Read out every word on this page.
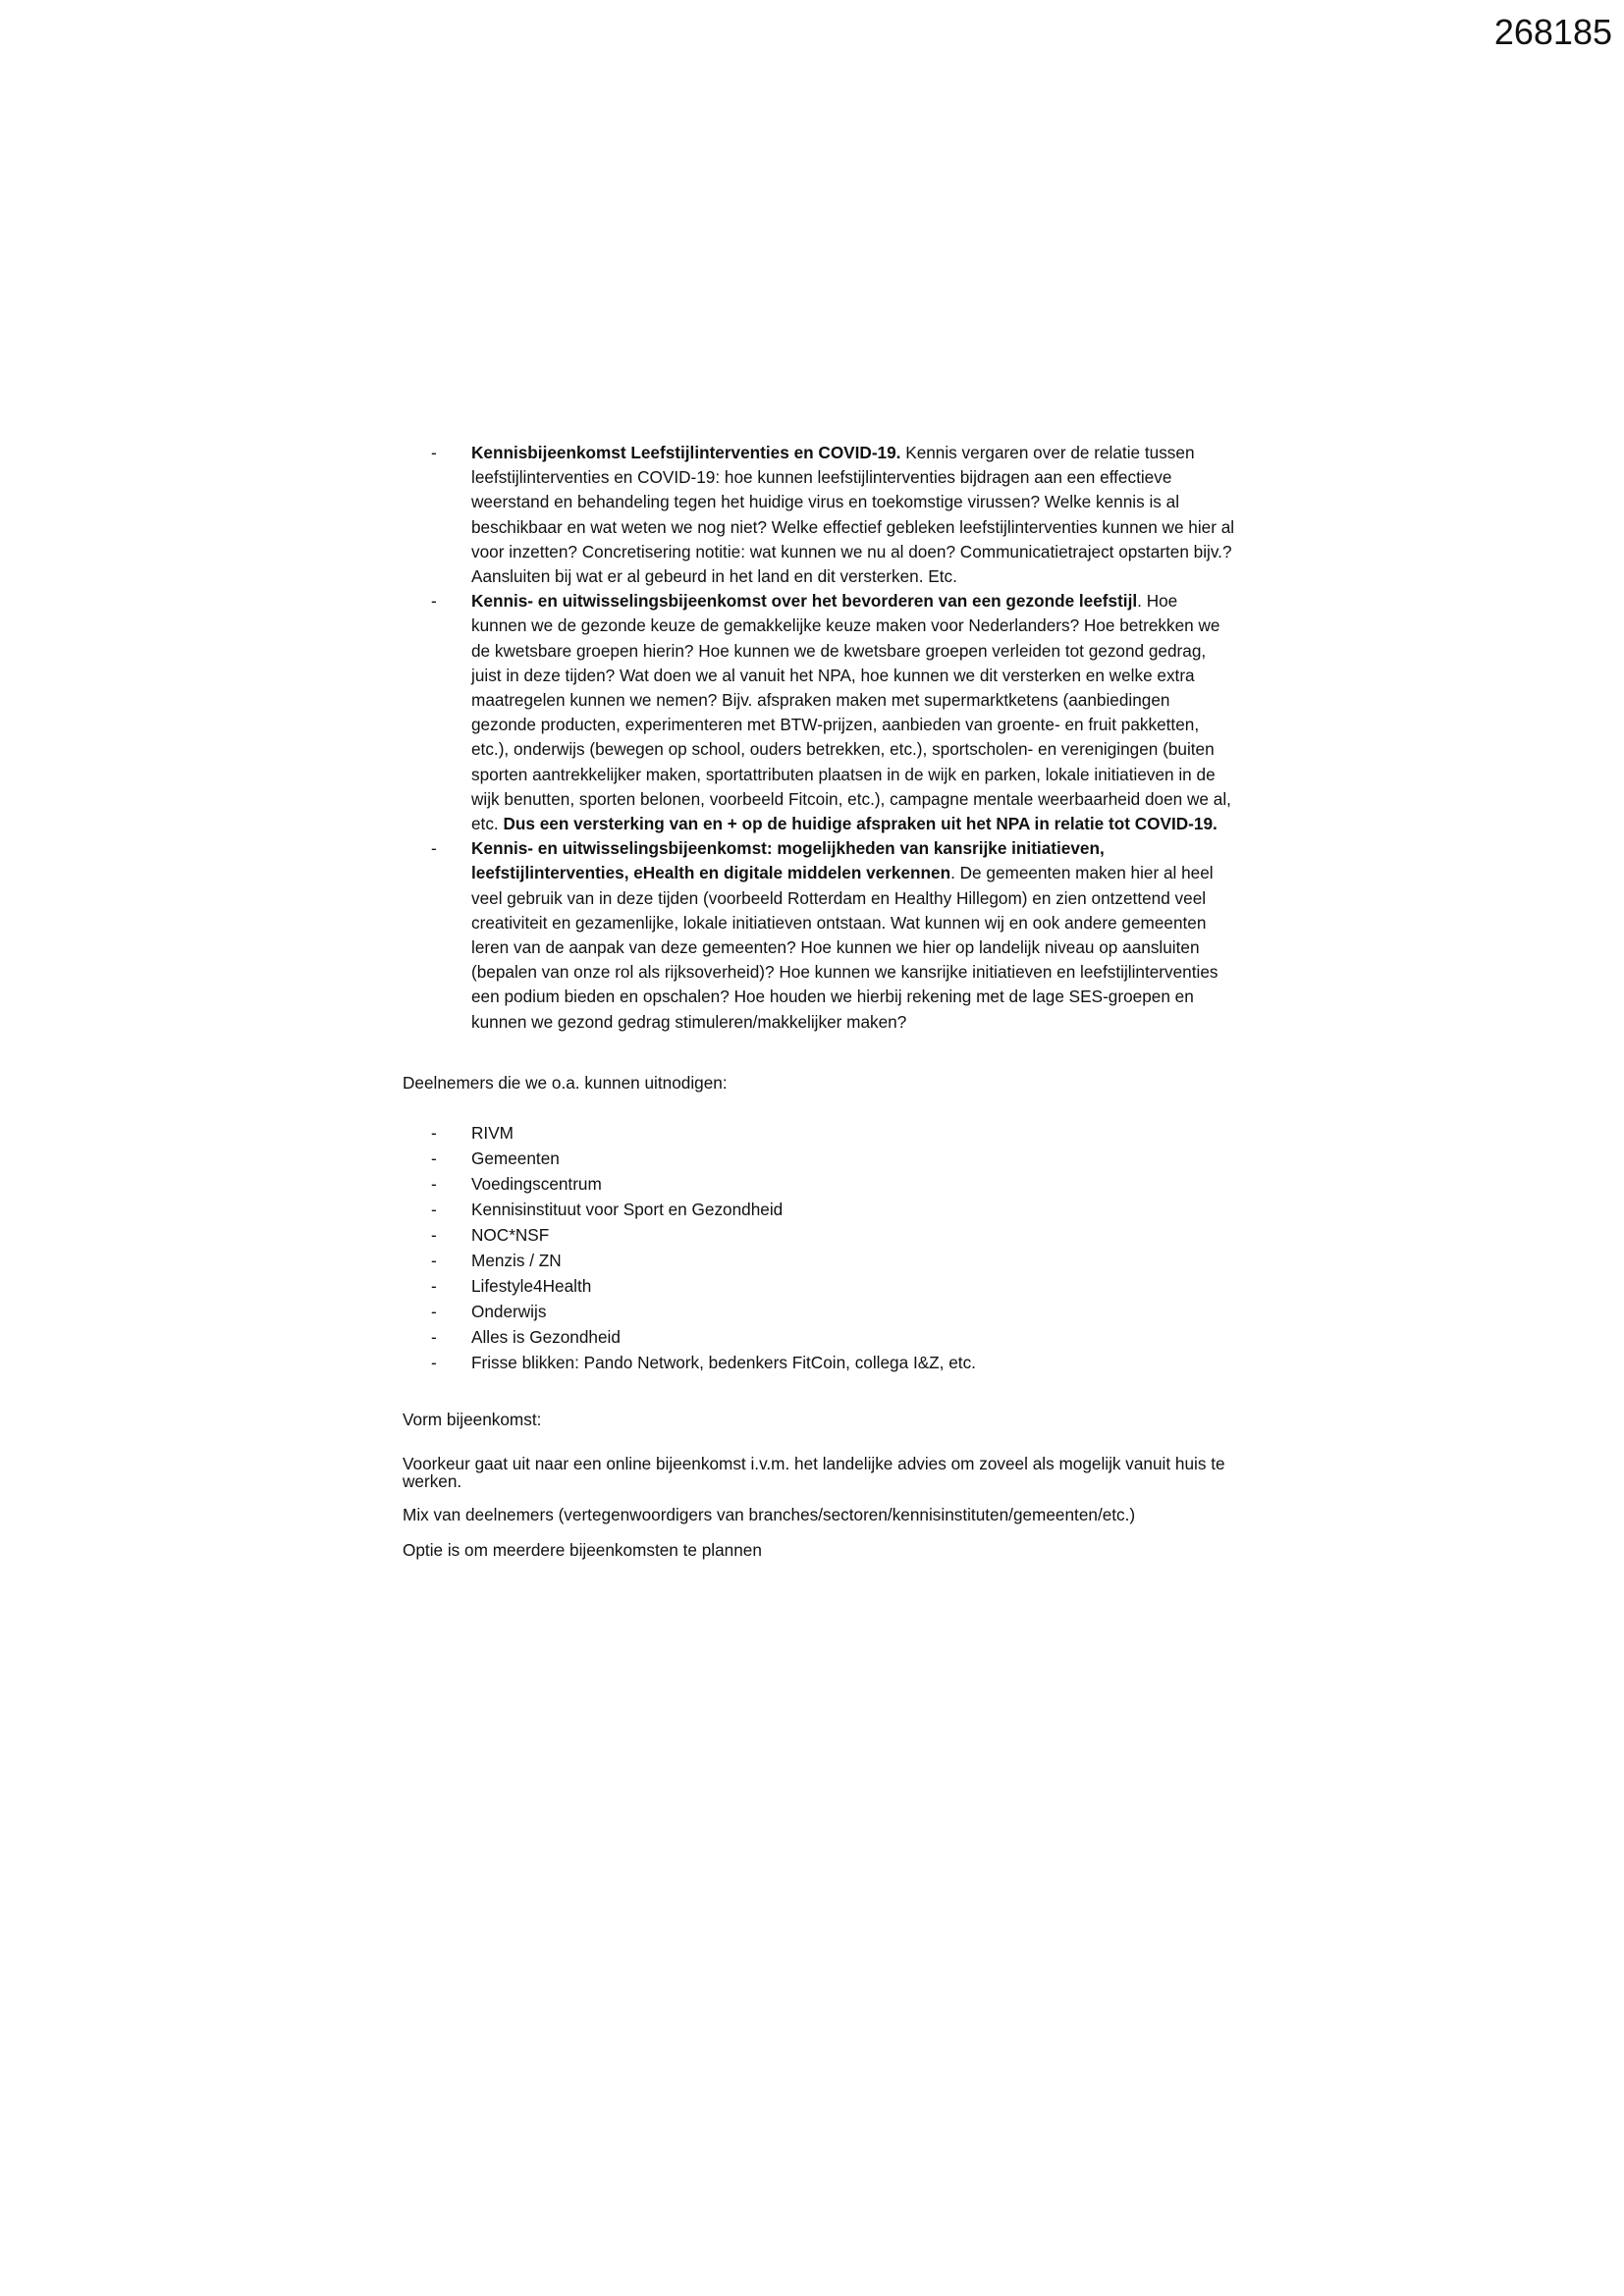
268185
- Kennisbijeenkomst Leefstijlinterventies en COVID-19. Kennis vergaren over de relatie tussen leefstijlinterventies en COVID-19: hoe kunnen leefstijlinterventies bijdragen aan een effectieve weerstand en behandeling tegen het huidige virus en toekomstige virussen? Welke kennis is al beschikbaar en wat weten we nog niet? Welke effectief gebleken leefstijlinterventies kunnen we hier al voor inzetten? Concretisering notitie: wat kunnen we nu al doen? Communicatietraject opstarten bijv.? Aansluiten bij wat er al gebeurd in het land en dit versterken. Etc.
- Kennis- en uitwisselingsbijeenkomst over het bevorderen van een gezonde leefstijl. Hoe kunnen we de gezonde keuze de gemakkelijke keuze maken voor Nederlanders? Hoe betrekken we de kwetsbare groepen hierin? Hoe kunnen we de kwetsbare groepen verleiden tot gezond gedrag, juist in deze tijden? Wat doen we al vanuit het NPA, hoe kunnen we dit versterken en welke extra maatregelen kunnen we nemen? Bijv. afspraken maken met supermarktketens (aanbiedingen gezonde producten, experimenteren met BTW-prijzen, aanbieden van groente- en fruit pakketten, etc.), onderwijs (bewegen op school, ouders betrekken, etc.), sportscholen- en verenigingen (buiten sporten aantrekkelijker maken, sportattributen plaatsen in de wijk en parken, lokale initiatieven in de wijk benutten, sporten belonen, voorbeeld Fitcoin, etc.), campagne mentale weerbaarheid doen we al, etc. Dus een versterking van en + op de huidige afspraken uit het NPA in relatie tot COVID-19.
- Kennis- en uitwisselingsbijeenkomst: mogelijkheden van kansrijke initiatieven, leefstijlinterventies, eHealth en digitale middelen verkennen. De gemeenten maken hier al heel veel gebruik van in deze tijden (voorbeeld Rotterdam en Healthy Hillegom) en zien ontzettend veel creativiteit en gezamenlijke, lokale initiatieven ontstaan. Wat kunnen wij en ook andere gemeenten leren van de aanpak van deze gemeenten? Hoe kunnen we hier op landelijk niveau op aansluiten (bepalen van onze rol als rijksoverheid)? Hoe kunnen we kansrijke initiatieven en leefstijlinterventies een podium bieden en opschalen? Hoe houden we hierbij rekening met de lage SES-groepen en kunnen we gezond gedrag stimuleren/makkelijker maken?

Deelnemers die we o.a. kunnen uitnodigen:

- RIVM
- Gemeenten
- Voedingscentrum
- Kennisinstituut voor Sport en Gezondheid
- NOC*NSF
- Menzis / ZN
- Lifestyle4Health
- Onderwijs
- Alles is Gezondheid
- Frisse blikken: Pando Network, bedenkers FitCoin, collega I&Z, etc.

Vorm bijeenkomst:

Voorkeur gaat uit naar een online bijeenkomst i.v.m. het landelijke advies om zoveel als mogelijk vanuit huis te werken.

Mix van deelnemers (vertegenwoordigers van branches/sectoren/kennisinstituten/gemeenten/etc.)

Optie is om meerdere bijeenkomsten te plannen
